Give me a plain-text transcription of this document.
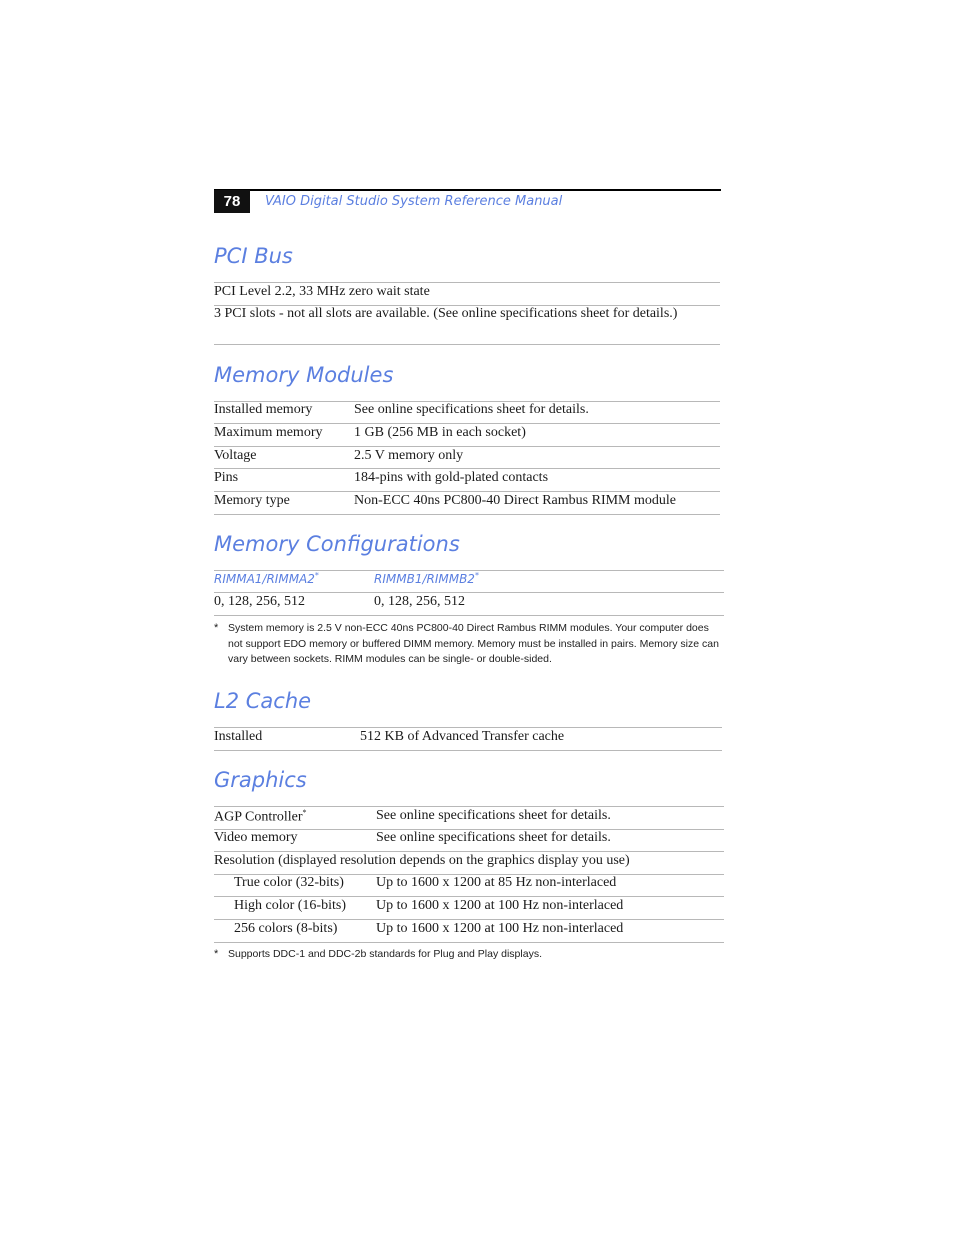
78	VAIO Digital Studio System Reference Manual
PCI Bus
PCI Level 2.2, 33 MHz zero wait state
3 PCI slots - not all slots are available. (See online specifications sheet for details.)
Memory Modules
Installed memory	See online specifications sheet for details.
Maximum memory 1 GB (256 MB in each socket)
Voltage	2.5 V memory only
Pins	184-pins with gold-plated contacts
Memory type	Non-ECC 40ns PC800-40 Direct Rambus RIMM module
Memory Configurations
RIMMA1/RIMMA2*	RIMMB1/RIMMB2*
0, 128, 256, 512	0, 128, 256, 512
* System memory is 2.5 V non-ECC 40ns PC800-40 Direct Rambus RIMM modules. Your computer does not support EDO memory or buffered DIMM memory. Memory must be installed in pairs. Memory size can vary between sockets. RIMM modules can be single- or double-sided.
L2 Cache
Installed	512 KB of Advanced Transfer cache
Graphics
AGP Controller*	See online specifications sheet for details.
Video memory	See online specifications sheet for details.
Resolution (displayed resolution depends on the graphics display you use)
True color (32-bits) Up to 1600 x 1200 at 85 Hz non-interlaced
High color (16-bits) Up to 1600 x 1200 at 100 Hz non-interlaced
256 colors (8-bits)	Up to 1600 x 1200 at 100 Hz non-interlaced
* Supports DDC-1 and DDC-2b standards for Plug and Play displays.
